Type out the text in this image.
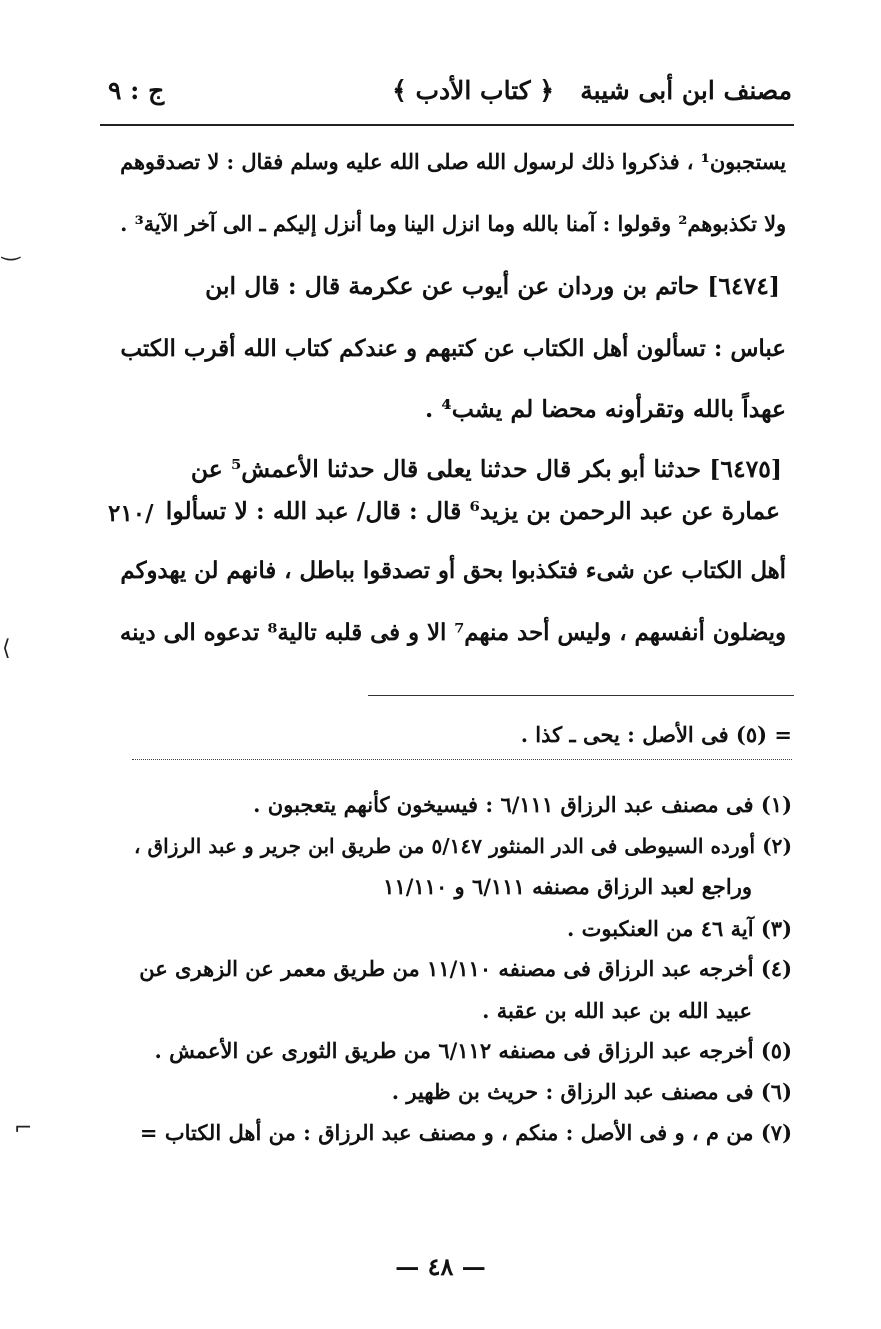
مصنف ابن أبى شيبة
﴿ كتاب الأدب ﴾
ج : ٩
يستجبون¹ ، فذكروا ذلك لرسول الله صلى الله عليه وسلم فقال : لا تصدقوهم
ولا تكذبوهم² وقولوا : آمنا بالله وما انزل الينا وما أنزل إليكم ـ الى آخر الآية³ .
[٦٤٧٤] حاتم بن وردان عن أيوب عن عكرمة قال : قال ابن
عباس : تسألون أهل الكتاب عن كتبهم و عندكم كتاب الله أقرب الكتب
عهداً بالله وتقرأونه محضا لم يشب⁴ .
[٦٤٧٥] حدثنا أبو بكر قال حدثنا يعلى قال حدثنا الأعمش⁵ عن
عمارة عن عبد الرحمن بن يزيد⁶ قال : قال/ عبد الله : لا تسألوا
أهل الكتاب عن شىء فتكذبوا بحق أو تصدقوا بباطل ، فانهم لن يهدوكم
ويضلون أنفسهم ، وليس أحد منهم⁷ الا و فى قلبه تالية⁸ تدعوه الى دينه
/٢١٠
= (٥) فى الأصل : يحى ـ كذا .
(١) فى مصنف عبد الرزاق ٦/١١١ : فيسيخون كأنهم يتعجبون .
(٢) أورده السيوطى فى الدر المنثور ٥/١٤٧ من طريق ابن جرير و عبد الرزاق ،
وراجع لعبد الرزاق مصنفه ٦/١١١ و ١١/١١٠
(٣) آية ٤٦ من العنكبوت .
(٤) أخرجه عبد الرزاق فى مصنفه ١١/١١٠ من طريق معمر عن الزهرى عن
عبيد الله بن عبد الله بن عقبة .
(٥) أخرجه عبد الرزاق فى مصنفه ٦/١١٢ من طريق الثورى عن الأعمش .
(٦) فى مصنف عبد الرزاق : حريث بن ظهير .
(٧) من م ، و فى الأصل : منكم ، و مصنف عبد الرزاق : من أهل الكتاب =
— ٤٨ —
‿
⟩
⌐
